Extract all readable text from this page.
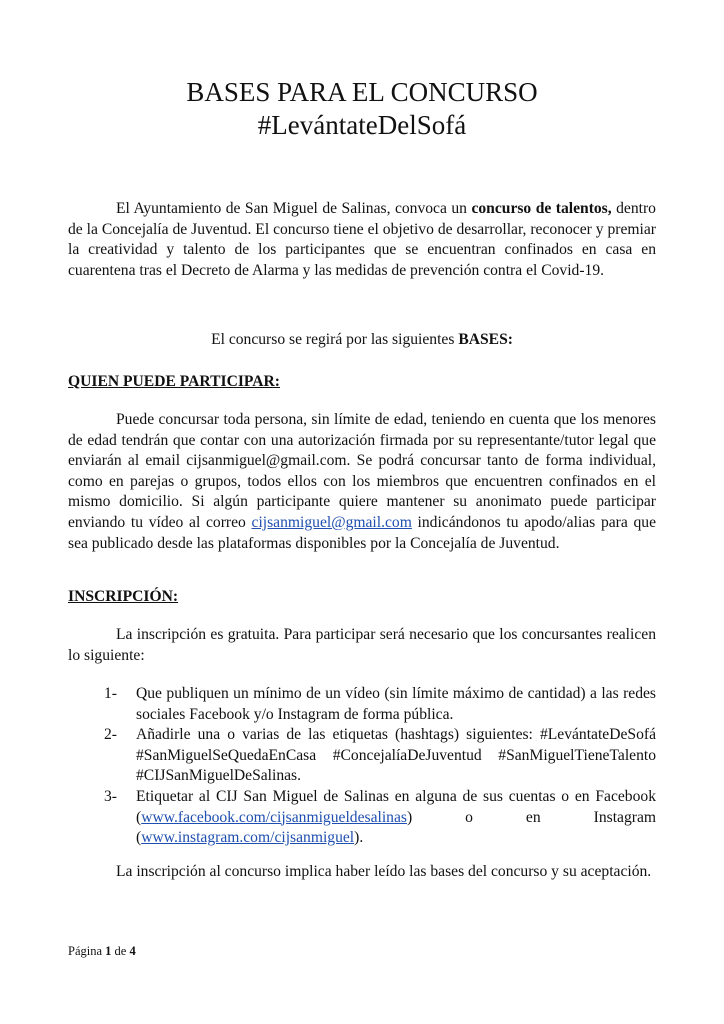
BASES PARA EL CONCURSO
#LevántateDelSofá

El Ayuntamiento de San Miguel de Salinas, convoca un concurso de talentos, dentro de la Concejalía de Juventud. El concurso tiene el objetivo de desarrollar, reconocer y premiar la creatividad y talento de los participantes que se encuentran confinados en casa en cuarentena tras el Decreto de Alarma y las medidas de prevención contra el Covid-19.

El concurso se regirá por las siguientes BASES:

QUIEN PUEDE PARTICIPAR:

Puede concursar toda persona, sin límite de edad, teniendo en cuenta que los menores de edad tendrán que contar con una autorización firmada por su representante/tutor legal que enviarán al email cijsanmiguel@gmail.com. Se podrá concursar tanto de forma individual, como en parejas o grupos, todos ellos con los miembros que encuentren confinados en el mismo domicilio. Si algún participante quiere mantener su anonimato puede participar enviando tu vídeo al correo cijsanmiguel@gmail.com indicándonos tu apodo/alias para que sea publicado desde las plataformas disponibles por la Concejalía de Juventud.

INSCRIPCIÓN:

La inscripción es gratuita. Para participar será necesario que los concursantes realicen lo siguiente:

1- Que publiquen un mínimo de un vídeo (sin límite máximo de cantidad) a las redes sociales Facebook y/o Instagram de forma pública.
2- Añadirle una o varias de las etiquetas (hashtags) siguientes: #LevántateDeSofá #SanMiguelSeQuedaEnCasa #ConcejalíaDeJuventud #SanMiguelTieneTalento #CIJSanMiguelDeSalinas.
3- Etiquetar al CIJ San Miguel de Salinas en alguna de sus cuentas o en Facebook (www.facebook.com/cijsanmigueldesalinas) o en Instagram (www.instagram.com/cijsanmiguel).

La inscripción al concurso implica haber leído las bases del concurso y su aceptación.

Página 1 de 4
